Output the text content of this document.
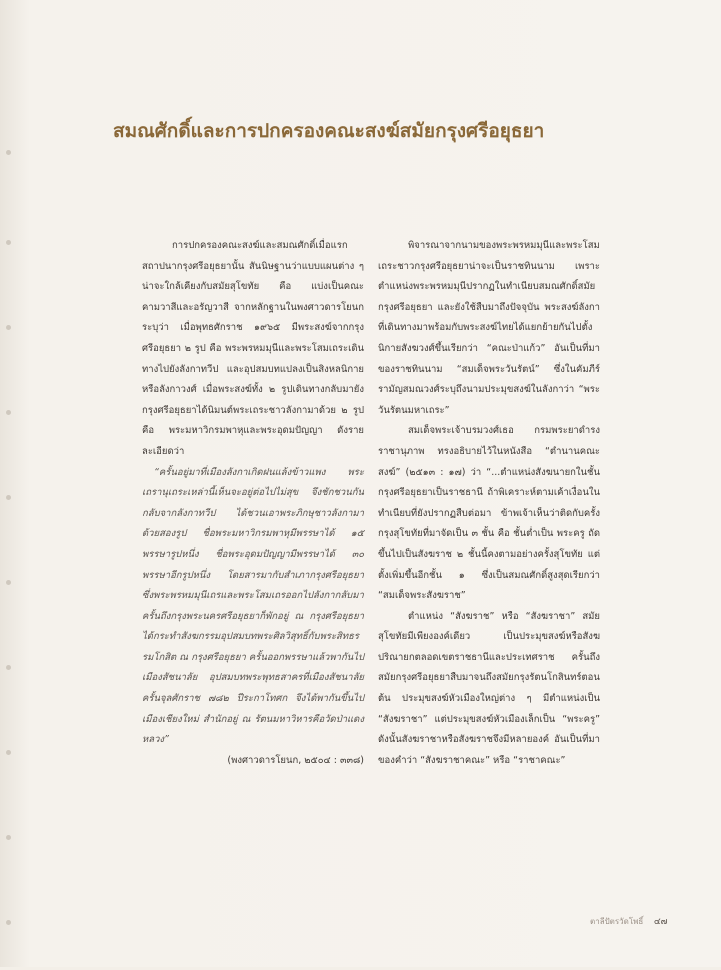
สมณศักดิ์และการปกครองคณะสงฆ์สมัยกรุงศรีอยุธยา

การปกครองคณะสงฆ์และสมณศักดิ์เมื่อแรกสถาปนากรุงศรีอยุธยานั้น สันนิษฐานว่าแบบแผนต่าง ๆ น่าจะใกล้เคียงกับสมัยสุโขทัย คือ แบ่งเป็นคณะคามวาสีและอรัญวาสี จากหลักฐานในพงศาวดารโยนกระบุว่า เมื่อพุทธศักราช ๑๙๖๕ มีพระสงฆ์จากกรุงศรีอยุธยา ๒ รูป คือ พระพรหมมุนีและพระโสมเถระเดินทางไปยังลังกาทวีป และอุปสมบทแปลงเป็นสิงหลนิกายหรือลังกาวงศ์ เมื่อพระสงฆ์ทั้ง ๒ รูปเดินทางกลับมายังกรุงศรีอยุธยาได้นิมนต์พระเถระชาวลังกามาด้วย ๒ รูป คือ พระมหาวิกรมพาหุและพระอุดมปัญญา ดังรายละเอียดว่า

“ครั้นอยู่มาที่เมืองลังกาเกิดฝนแล้งข้าวแพง พระเถรานุเถระเหล่านี้เห็นจะอยู่ต่อไปไม่สุข จึงชักชวนกันกลับจากลังกาทวีป ได้ชวนเอาพระภิกษุชาวลังกามาด้วยสองรูป ชื่อพระมหาวิกรมพาหุมีพรรษาได้ ๑๕ พรรษารูปหนึ่ง ชื่อพระอุดมปัญญามีพรรษาได้ ๓๐ พรรษาอีกรูปหนึ่ง โดยสารมากับสำเภากรุงศรีอยุธยา ซึ่งพระพรหมมุนีเถรและพระโสมเถรออกไปลังกากลับมา ครั้นถึงกรุงพระนครศรีอยุธยาก็พักอยู่ ณ กรุงศรีอยุธยา ได้กระทำสังฆกรรมอุปสมบทพระศิลวิสุทธิ์กับพระสิทธรรมโกสิต ณ กรุงศรีอยุธยา ครั้นออกพรรษาแล้วพากันไปเมืองสัชนาลัย อุปสมบทพระพุทธสาครที่เมืองสัชนาลัย ครั้นจุลศักราช ๗๘๒ ปีระกาโทศก จึงได้พากันขึ้นไปเมืองเชียงใหม่ สำนักอยู่ ณ รัตนมหาวิหารคือวัดป่าแดงหลวง”

(พงศาวดารโยนก, ๒๕๐๔ : ๓๓๘)

พิจารณาจากนามของพระพรหมมุนีและพระโสมเถระชาวกรุงศรีอยุธยาน่าจะเป็นราชทินนาม เพราะตำแหน่งพระพรหมมุนีปรากฏในทำเนียบสมณศักดิ์สมัยกรุงศรีอยุธยา และยังใช้สืบมาถึงปัจจุบัน พระสงฆ์ลังกาที่เดินทางมาพร้อมกับพระสงฆ์ไทยได้แยกย้ายกันไปตั้งนิกายสังฆวงศ์ขึ้นเรียกว่า “คณะป่าแก้ว” อันเป็นที่มาของราชทินนาม “สมเด็จพระวันรัตน์” ซึ่งในคัมภีร์รามัญสมณวงศ์ระบุถึงนามประมุขสงฆ์ในลังกาว่า “พระวันรัตนมหาเถระ”

สมเด็จพระเจ้าบรมวงศ์เธอ กรมพระยาดำรงราชานุภาพ ทรงอธิบายไว้ในหนังสือ “ตำนานคณะสงฆ์” (๒๕๑๓ : ๑๗) ว่า “...ตำแหน่งสังฆนายกในชั้นกรุงศรีอยุธยาเป็นราชธานี ถ้าพิเคราะห์ตามเค้าเงื่อนในทำเนียบที่ยังปรากฏสืบต่อมา ข้าพเจ้าเห็นว่าติดกับครั้งกรุงสุโขทัยที่มาจัดเป็น ๓ ชั้น คือ ชั้นต่ำเป็น พระครู ถัดขึ้นไปเป็นสังฆราช ๒ ชั้นนี้คงตามอย่างครั้งสุโขทัย แต่ตั้งเพิ่มขึ้นอีกชั้น ๑ ซึ่งเป็นสมณศักดิ์สูงสุดเรียกว่า “สมเด็จพระสังฆราช”

ตำแหน่ง “สังฆราช” หรือ “สังฆราชา” สมัยสุโขทัยมีเพียงองค์เดียว เป็นประมุขสงฆ์หรือสังฆปริณายกตลอดเขตราชธานีและประเทศราช ครั้นถึงสมัยกรุงศรีอยุธยาสืบมาจนถึงสมัยกรุงรัตนโกสินทร์ตอนต้น ประมุขสงฆ์หัวเมืองใหญ่ต่าง ๆ มีตำแหน่งเป็น “สังฆราชา” แต่ประมุขสงฆ์หัวเมืองเล็กเป็น “พระครู” ดังนั้นสังฆราชาหรือสังฆราชจึงมีหลายองค์ อันเป็นที่มาของคำว่า “สังฆราชาคณะ” หรือ “ราชาคณะ”

ตาลีปัตรวัดโพธิ์ ๔๗
